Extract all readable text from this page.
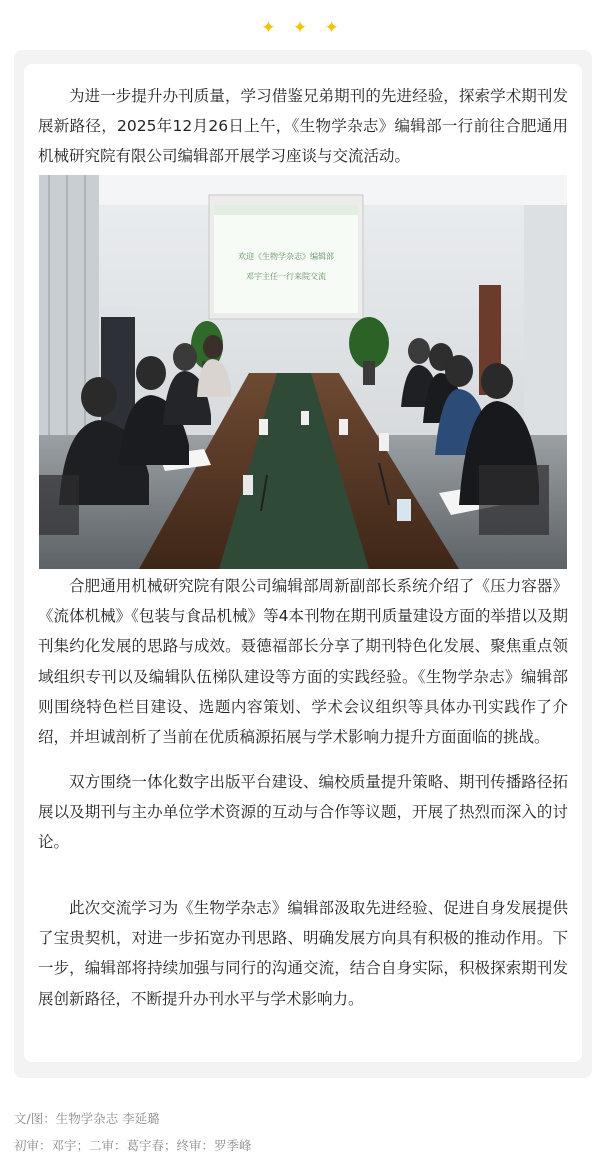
✦ ✦ ✦

为进一步提升办刊质量，学习借鉴兄弟期刊的先进经验，探索学术期刊发展新路径，2025年12月26日上午，《生物学杂志》编辑部一行前往合肥通用机械研究院有限公司编辑部开展学习座谈与交流活动。

欢迎《生物学杂志》编辑部
邓宇主任一行来院交流

合肥通用机械研究院有限公司编辑部周新副部长系统介绍了《压力容器》《流体机械》《包装与食品机械》等4本刊物在期刊质量建设方面的举措以及期刊集约化发展的思路与成效。聂德福部长分享了期刊特色化发展、聚焦重点领域组织专刊以及编辑队伍梯队建设等方面的实践经验。《生物学杂志》编辑部则围绕特色栏目建设、选题内容策划、学术会议组织等具体办刊实践作了介绍，并坦诚剖析了当前在优质稿源拓展与学术影响力提升方面面临的挑战。

双方围绕一体化数字出版平台建设、编校质量提升策略、期刊传播路径拓展以及期刊与主办单位学术资源的互动与合作等议题，开展了热烈而深入的讨论。

此次交流学习为《生物学杂志》编辑部汲取先进经验、促进自身发展提供了宝贵契机，对进一步拓宽办刊思路、明确发展方向具有积极的推动作用。下一步，编辑部将持续加强与同行的沟通交流，结合自身实际，积极探索期刊发展创新路径，不断提升办刊水平与学术影响力。

文/图：生物学杂志 李延璐
初审：邓宇；二审：葛宇春；终审：罗季峰
